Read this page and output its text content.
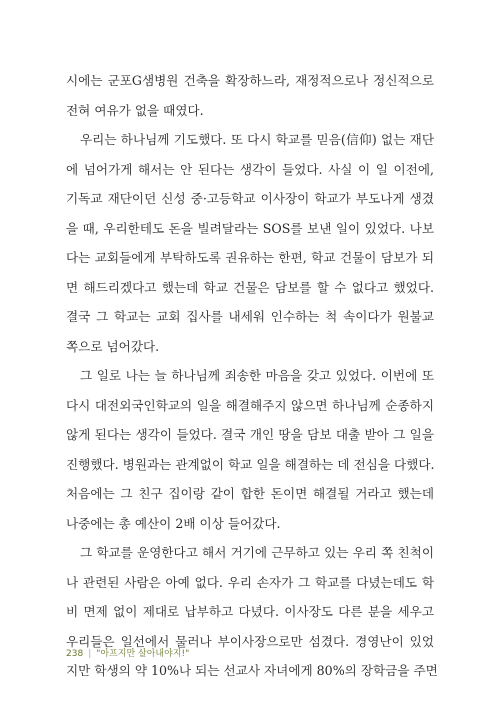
시에는 군포G샘병원 건축을 확장하느라, 재정적으로나 정신적으로
전혀 여유가 없을 때였다.
우리는 하나님께 기도했다. 또 다시 학교를 믿음(信仰) 없는 재단
에 넘어가게 해서는 안 된다는 생각이 들었다. 사실 이 일 이전에,
기독교 재단이던 신성 중·고등학교 이사장이 학교가 부도나게 생겼
을 때, 우리한테도 돈을 빌려달라는 SOS를 보낸 일이 있었다. 나보
다는 교회들에게 부탁하도록 권유하는 한편, 학교 건물이 담보가 되
면 해드리겠다고 했는데 학교 건물은 담보를 할 수 없다고 했었다.
결국 그 학교는 교회 집사를 내세워 인수하는 척 속이다가 원불교
쪽으로 넘어갔다.
그 일로 나는 늘 하나님께 죄송한 마음을 갖고 있었다. 이번에 또
다시 대전외국인학교의 일을 해결해주지 않으면 하나님께 순종하지
않게 된다는 생각이 들었다. 결국 개인 땅을 담보 대출 받아 그 일을
진행했다. 병원과는 관계없이 학교 일을 해결하는 데 전심을 다했다.
처음에는 그 친구 집이랑 같이 합한 돈이면 해결될 거라고 했는데
나중에는 총 예산이 2배 이상 들어갔다.
그 학교를 운영한다고 해서 거기에 근무하고 있는 우리 쪽 친척이
나 관련된 사람은 아예 없다. 우리 손자가 그 학교를 다녔는데도 학
비 면제 없이 제대로 납부하고 다녔다. 이사장도 다른 분을 세우고
우리들은 일선에서 물러나 부이사장으로만 섬겼다. 경영난이 있었
지만 학생의 약 10%나 되는 선교사 자녀에게 80%의 장학금을 주면
238 | "아프지만 살아내야지!"
